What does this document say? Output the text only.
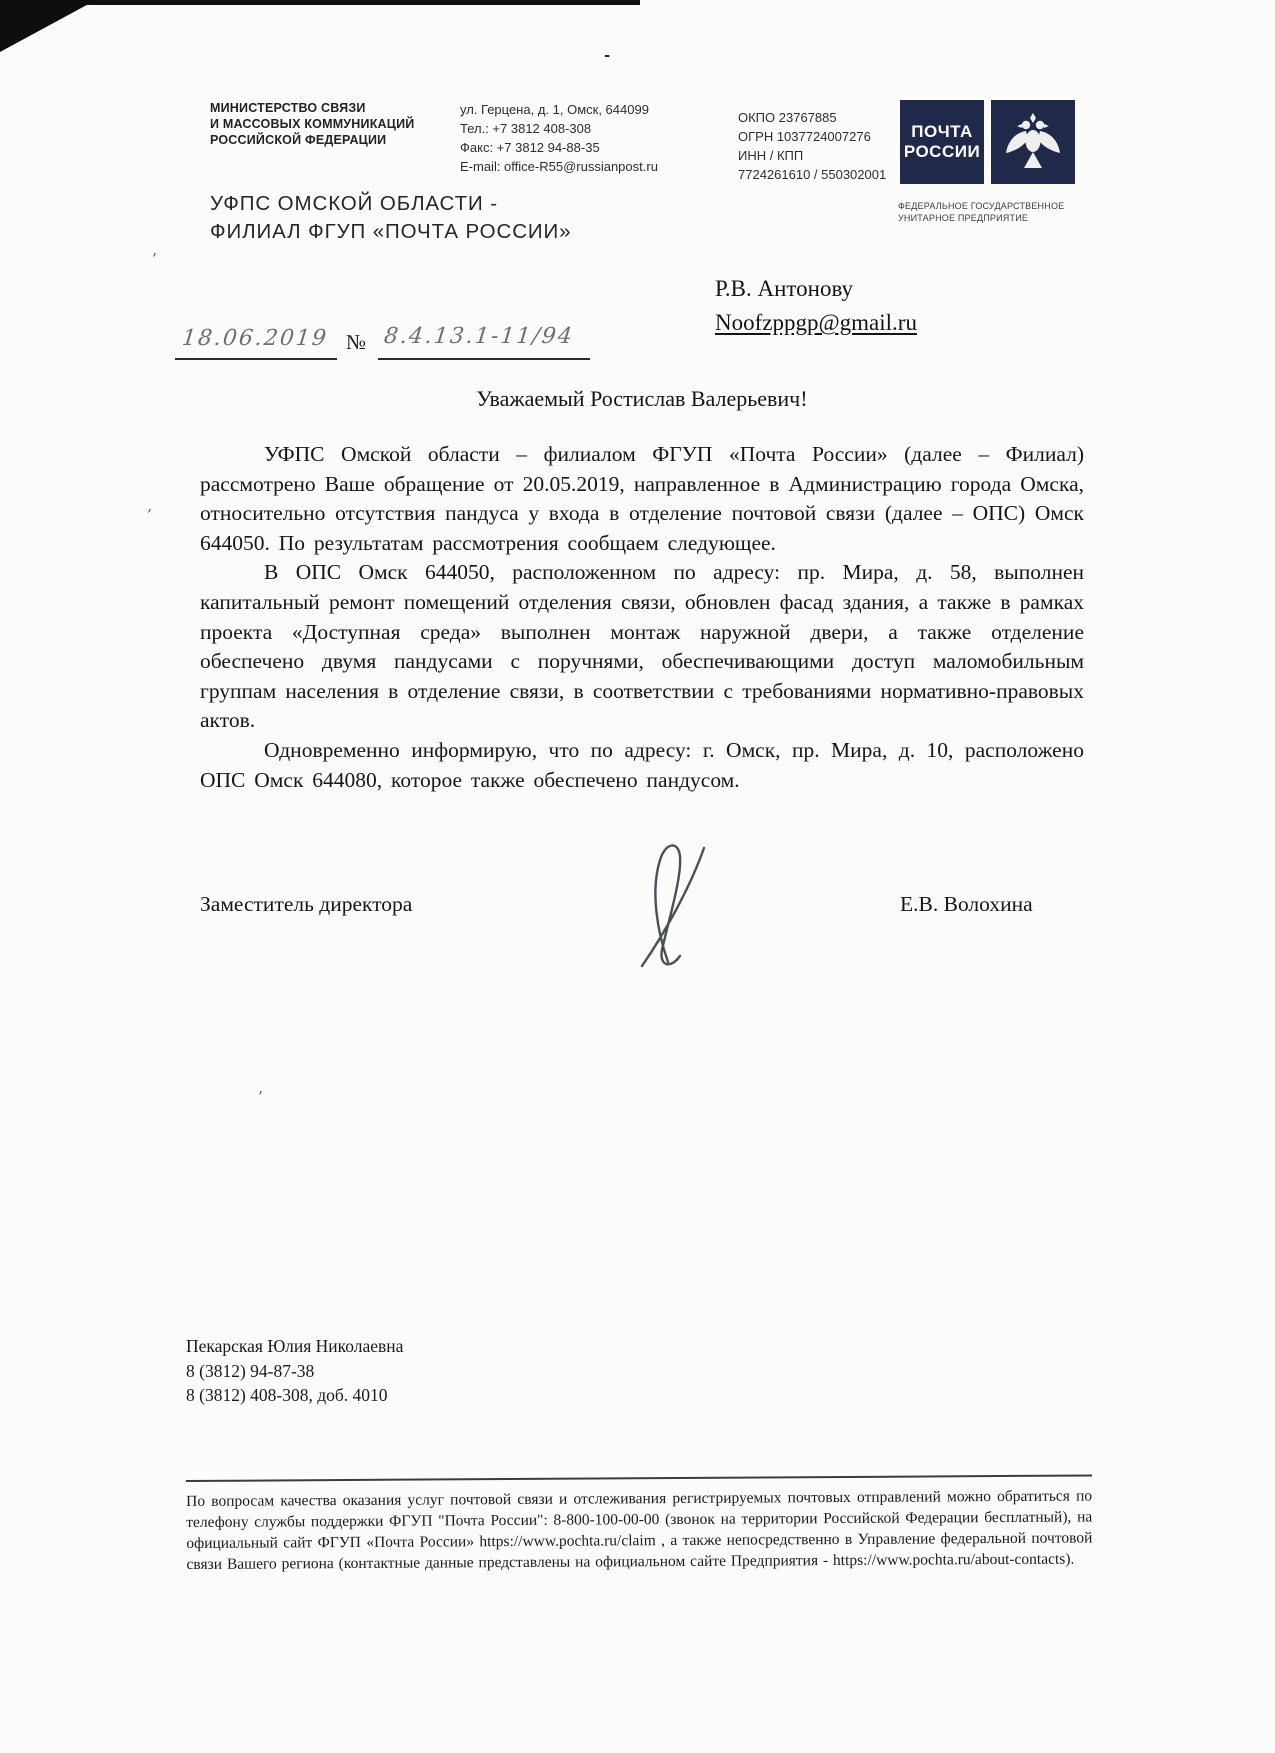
’
’
’
-
МИНИСТЕРСТВО СВЯЗИ
И МАССОВЫХ КОММУНИКАЦИЙ
РОССИЙСКОЙ ФЕДЕРАЦИИ
ул. Герцена, д. 1, Омск, 644099
Тел.: +7 3812 408-308
Факс: +7 3812 94-88-35
E-mail: office-R55@russianpost.ru
ОКПО 23767885
ОГРН 1037724007276
ИНН / КПП
7724261610 / 550302001
ПОЧТА
РОССИИ
ФЕДЕРАЛЬНОЕ ГОСУДАРСТВЕННОЕ
УНИТАРНОЕ ПРЕДПРИЯТИЕ
УФПС ОМСКОЙ ОБЛАСТИ -
ФИЛИАЛ ФГУП «ПОЧТА РОССИИ»
Р.В. Антонову
Noofzppgp@gmail.ru
18.06.2019 № 8.4.13.1-11/94
Уважаемый Ростислав Валерьевич!

УФПС Омской области – филиалом ФГУП «Почта России» (далее – Филиал) рассмотрено Ваше обращение от 20.05.2019, направленное в Администрацию города Омска, относительно отсутствия пандуса у входа в отделение почтовой связи (далее – ОПС) Омск 644050. По результатам рассмотрения сообщаем следующее.

В ОПС Омск 644050, расположенном по адресу: пр. Мира, д. 58, выполнен капитальный ремонт помещений отделения связи, обновлен фасад здания, а также в рамках проекта «Доступная среда» выполнен монтаж наружной двери, а также отделение обеспечено двумя пандусами с поручнями, обеспечивающими доступ маломобильным группам населения в отделение связи, в соответствии с требованиями нормативно-правовых актов.

Одновременно информирую, что по адресу: г. Омск, пр. Мира, д. 10, расположено ОПС Омск 644080, которое также обеспечено пандусом.

Заместитель директора	Е.В. Волохина
Пекарская Юлия Николаевна
8 (3812) 94-87-38
8 (3812) 408-308, доб. 4010
По вопросам качества оказания услуг почтовой связи и отслеживания регистрируемых почтовых отправлений можно обратиться по телефону службы поддержки ФГУП "Почта России": 8-800-100-00-00 (звонок на территории Российской Федерации бесплатный), на официальный сайт ФГУП «Почта России» https://www.pochta.ru/claim , а также непосредственно в Управление федеральной почтовой связи Вашего региона (контактные данные представлены на официальном сайте Предприятия - https://www.pochta.ru/about-contacts).
